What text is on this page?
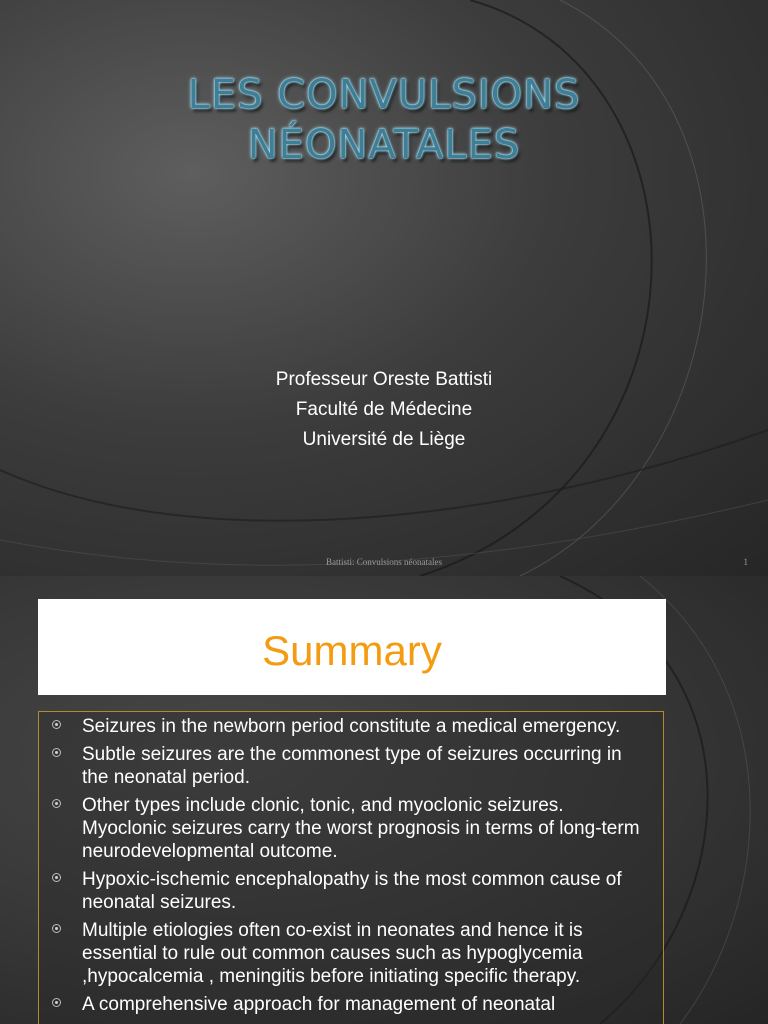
LES CONVULSIONS
NÉONATALES
Professeur Oreste Battisti
Faculté de Médecine
Université de Liège
Battisti: Convulsions néonatales	1
Summary
Seizures in the newborn period constitute a medical emergency.
Subtle seizures are the commonest type of seizures occurring in the neonatal period.
Other types include clonic, tonic, and myoclonic seizures. Myoclonic seizures carry the worst prognosis in terms of long-term neurodevelopmental outcome.
Hypoxic-ischemic encephalopathy is the most common cause of neonatal seizures.
Multiple etiologies often co-exist in neonates and hence it is essential to rule out common causes such as hypoglycemia ,hypocalcemia , meningitis before initiating specific therapy.
A comprehensive approach for management of neonatal
